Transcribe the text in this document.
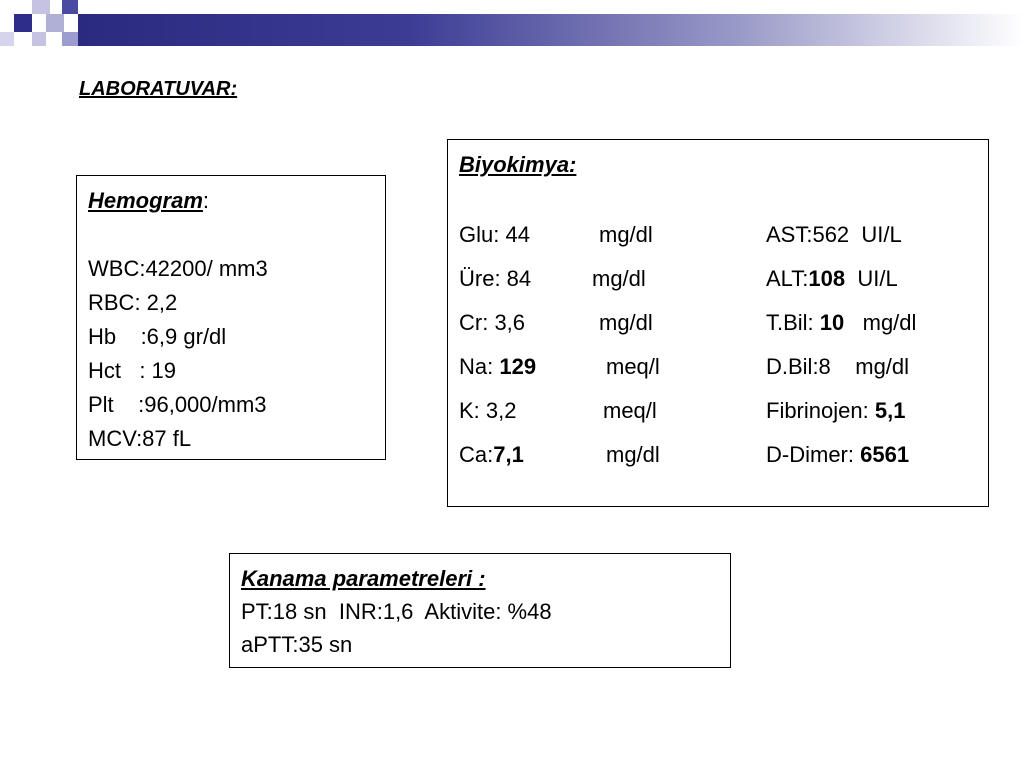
LABORATUVAR:
Hemogram:
WBC:42200/ mm3
RBC: 2,2
Hb    :6,9 gr/dl
Hct   : 19
Plt    :96,000/mm3
MCV:87 fL
Biyokimya:
Glu: 44	mg/dl	AST:562  UI/L
Üre: 84	mg/dl	ALT:108  UI/L
Cr: 3,6	mg/dl	T.Bil: 10   mg/dl
Na: 129	meq/l	D.Bil:8    mg/dl
K: 3,2	meq/l	Fibrinojen: 5,1
Ca:7,1	mg/dl	D-Dimer: 6561
Kanama parametreleri :
PT:18 sn  INR:1,6  Aktivite: %48
aPTT:35 sn
